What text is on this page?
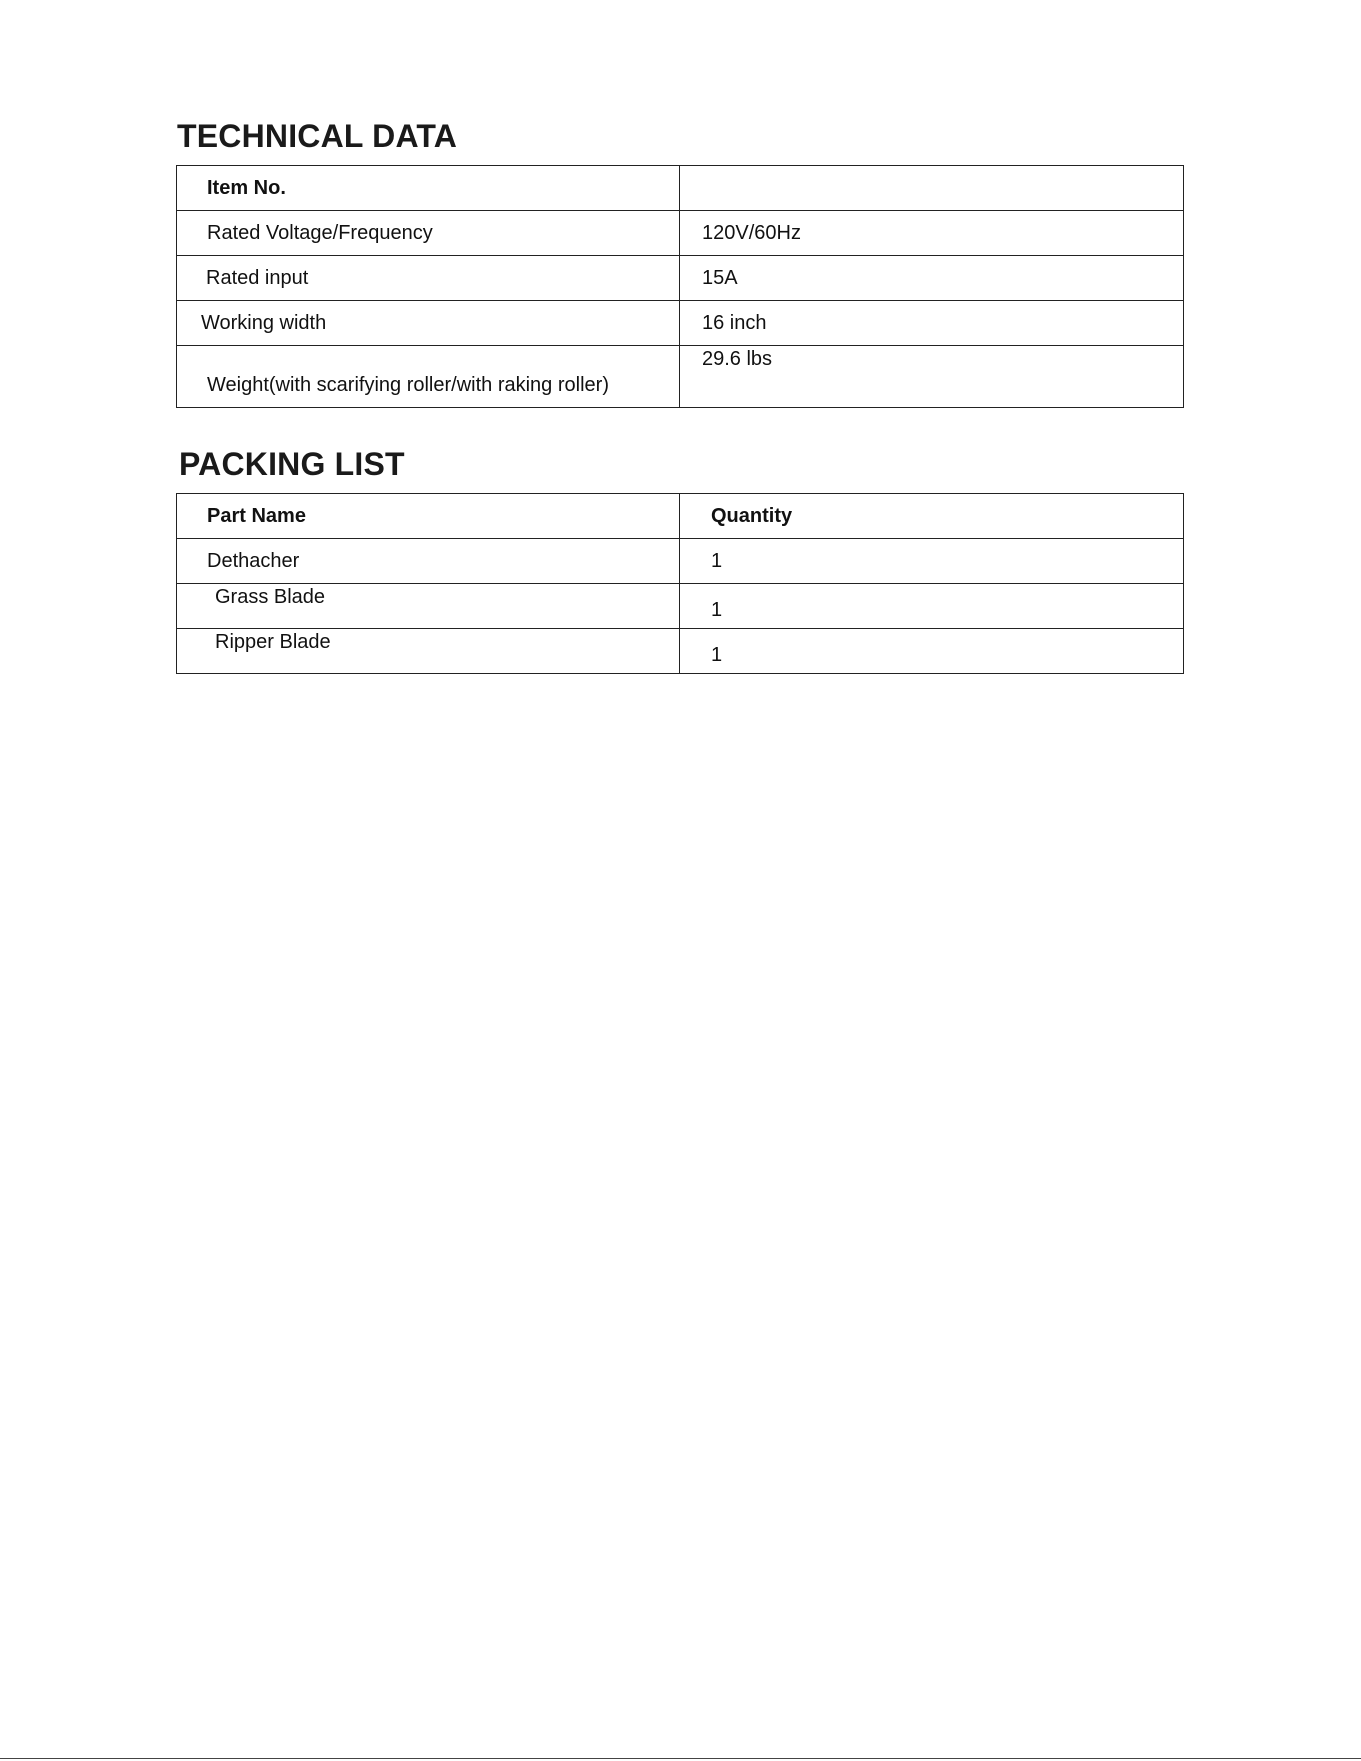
TECHNICAL DATA
Item No.	
Rated Voltage/Frequency	120V/60Hz
Rated input	15A
Working width	16 inch
Weight(with scarifying roller/with raking roller)	29.6 lbs
PACKING LIST
Part Name	Quantity
Dethacher	1
Grass Blade	1
Ripper Blade	1
